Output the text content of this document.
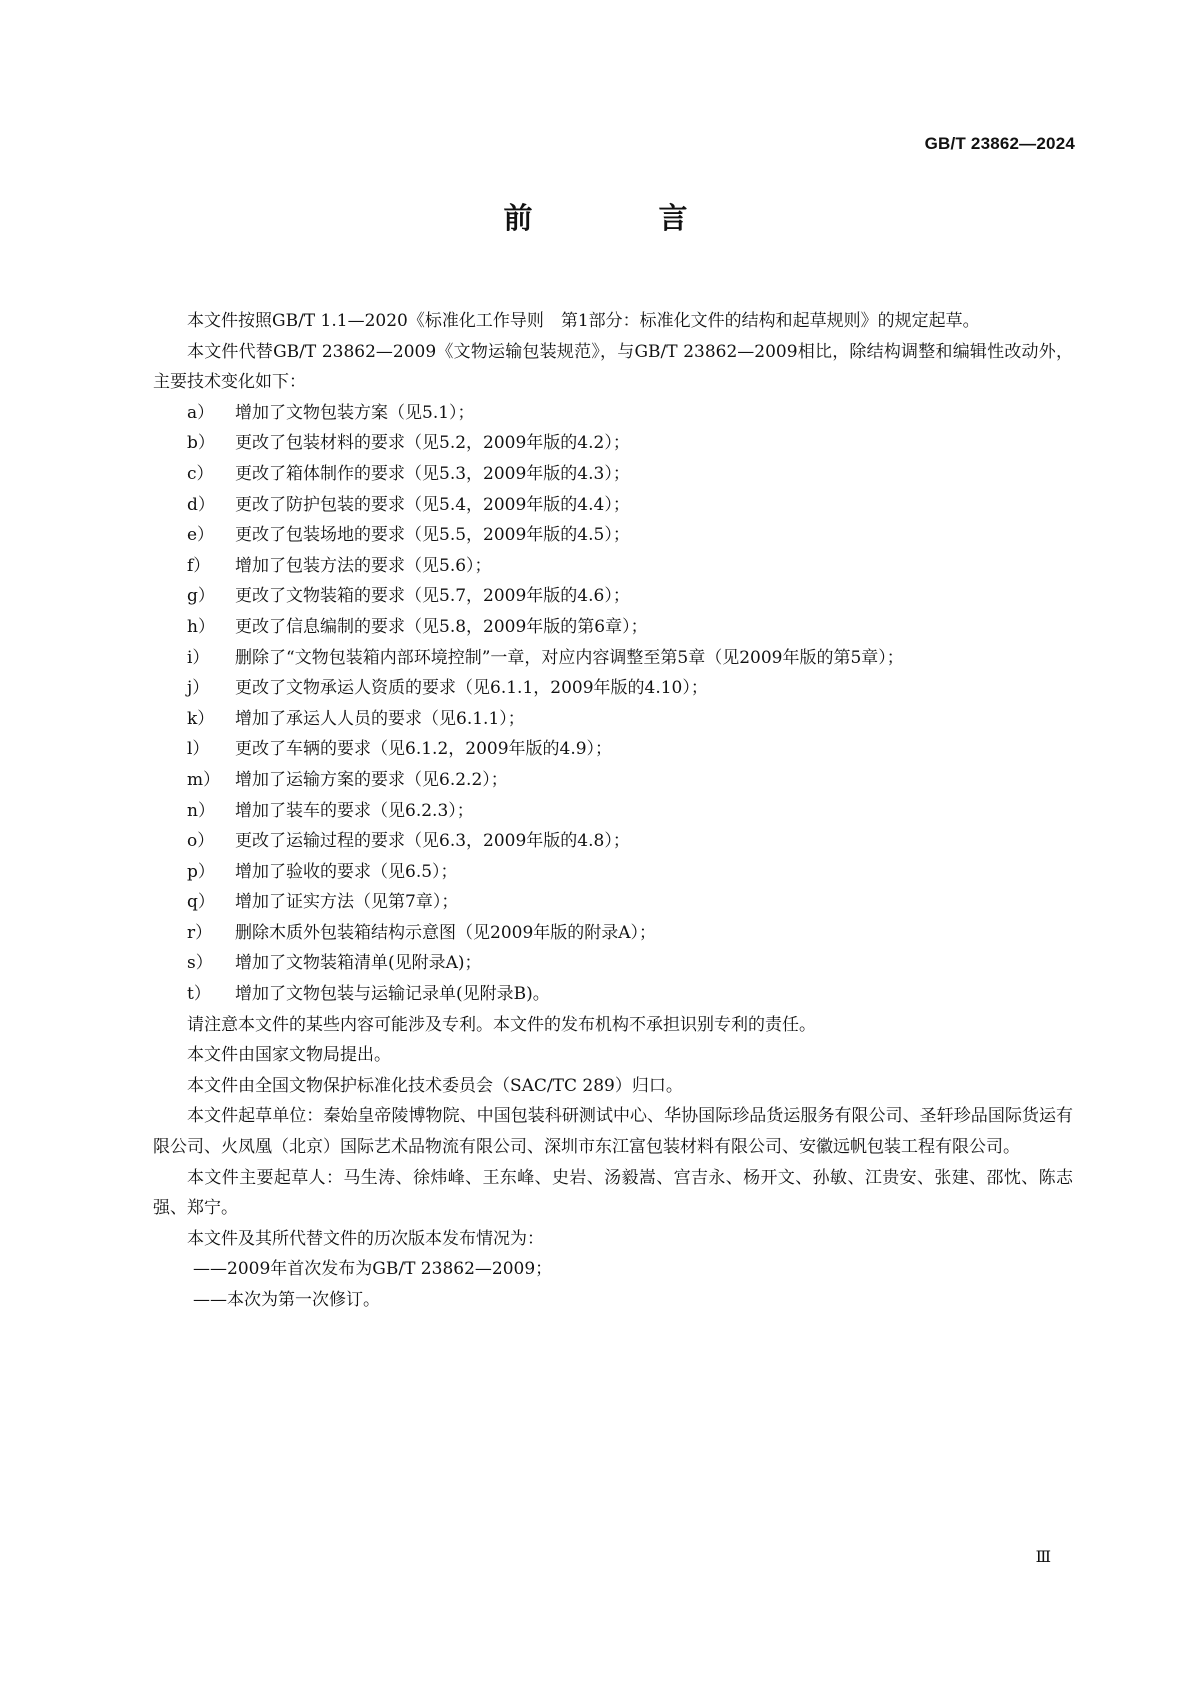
GB/T 23862—2024
前 言

本文件按照GB/T 1.1—2020《标准化工作导则　第1部分：标准化文件的结构和起草规则》的规定起草。

本文件代替GB/T 23862—2009《文物运输包装规范》，与GB/T 23862—2009相比，除结构调整和编辑性改动外，主要技术变化如下：

a） 增加了文物包装方案（见5.1）；
b） 更改了包装材料的要求（见5.2，2009年版的4.2）；
c） 更改了箱体制作的要求（见5.3，2009年版的4.3）；
d） 更改了防护包装的要求（见5.4，2009年版的4.4）；
e） 更改了包装场地的要求（见5.5，2009年版的4.5）；
f） 增加了包装方法的要求（见5.6）；
g） 更改了文物装箱的要求（见5.7，2009年版的4.6）；
h） 更改了信息编制的要求（见5.8，2009年版的第6章）；
i） 删除了“文物包装箱内部环境控制”一章，对应内容调整至第5章（见2009年版的第5章）；
j） 更改了文物承运人资质的要求（见6.1.1，2009年版的4.10）；
k） 增加了承运人人员的要求（见6.1.1）；
l） 更改了车辆的要求（见6.1.2，2009年版的4.9）；
m） 增加了运输方案的要求（见6.2.2）；
n） 增加了装车的要求（见6.2.3）；
o） 更改了运输过程的要求（见6.3，2009年版的4.8）；
p） 增加了验收的要求（见6.5）；
q） 增加了证实方法（见第7章）；
r） 删除木质外包装箱结构示意图（见2009年版的附录A）；
s） 增加了文物装箱清单(见附录A)；
t） 增加了文物包装与运输记录单(见附录B)。

请注意本文件的某些内容可能涉及专利。本文件的发布机构不承担识别专利的责任。

本文件由国家文物局提出。

本文件由全国文物保护标准化技术委员会（SAC/TC 289）归口。

本文件起草单位：秦始皇帝陵博物院、中国包装科研测试中心、华协国际珍品货运服务有限公司、圣轩珍品国际货运有限公司、火凤凰（北京）国际艺术品物流有限公司、深圳市东江富包装材料有限公司、安徽远帆包装工程有限公司。

本文件主要起草人：马生涛、徐炜峰、王东峰、史岩、汤毅嵩、宫吉永、杨开文、孙敏、江贵安、张建、邵忱、陈志强、郑宁。

本文件及其所代替文件的历次版本发布情况为：

——2009年首次发布为GB/T 23862—2009；

——本次为第一次修订。

Ⅲ
